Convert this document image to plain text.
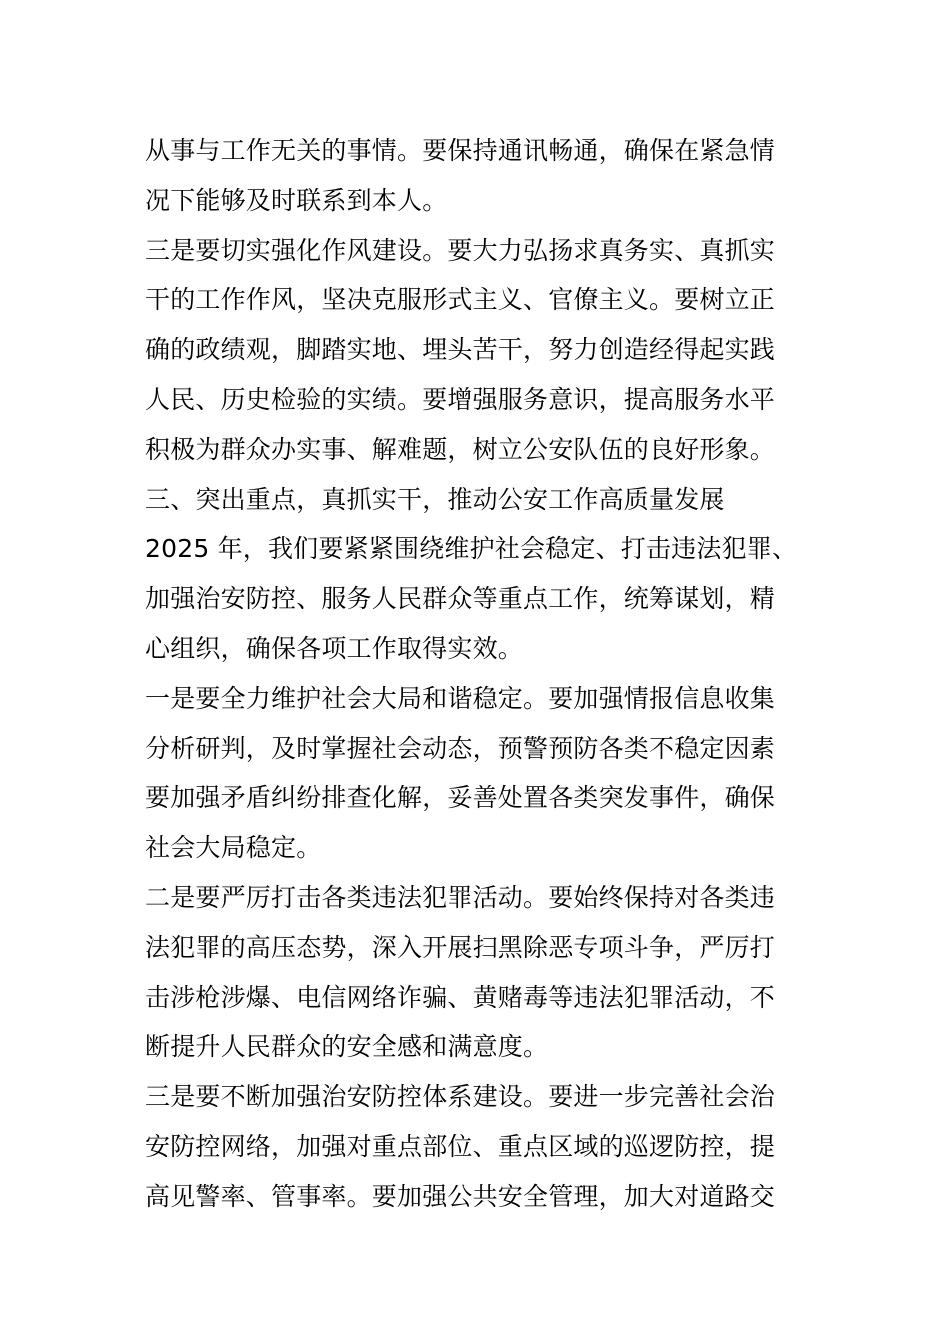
从事与工作无关的事情。要保持通讯畅通，确保在紧急情
况下能够及时联系到本人。
三是要切实强化作风建设。要大力弘扬求真务实、真抓实
干的工作作风，坚决克服形式主义、官僚主义。要树立正
确的政绩观，脚踏实地、埋头苦干，努力创造经得起实践
人民、历史检验的实绩。要增强服务意识，提高服务水平
积极为群众办实事、解难题，树立公安队伍的良好形象。
三、突出重点，真抓实干，推动公安工作高质量发展
2025 年，我们要紧紧围绕维护社会稳定、打击违法犯罪、
加强治安防控、服务人民群众等重点工作，统筹谋划，精
心组织，确保各项工作取得实效。
一是要全力维护社会大局和谐稳定。要加强情报信息收集
分析研判，及时掌握社会动态，预警预防各类不稳定因素
要加强矛盾纠纷排查化解，妥善处置各类突发事件，确保
社会大局稳定。
二是要严厉打击各类违法犯罪活动。要始终保持对各类违
法犯罪的高压态势，深入开展扫黑除恶专项斗争，严厉打
击涉枪涉爆、电信网络诈骗、黄赌毒等违法犯罪活动，不
断提升人民群众的安全感和满意度。
三是要不断加强治安防控体系建设。要进一步完善社会治
安防控网络，加强对重点部位、重点区域的巡逻防控，提
高见警率、管事率。要加强公共安全管理，加大对道路交
